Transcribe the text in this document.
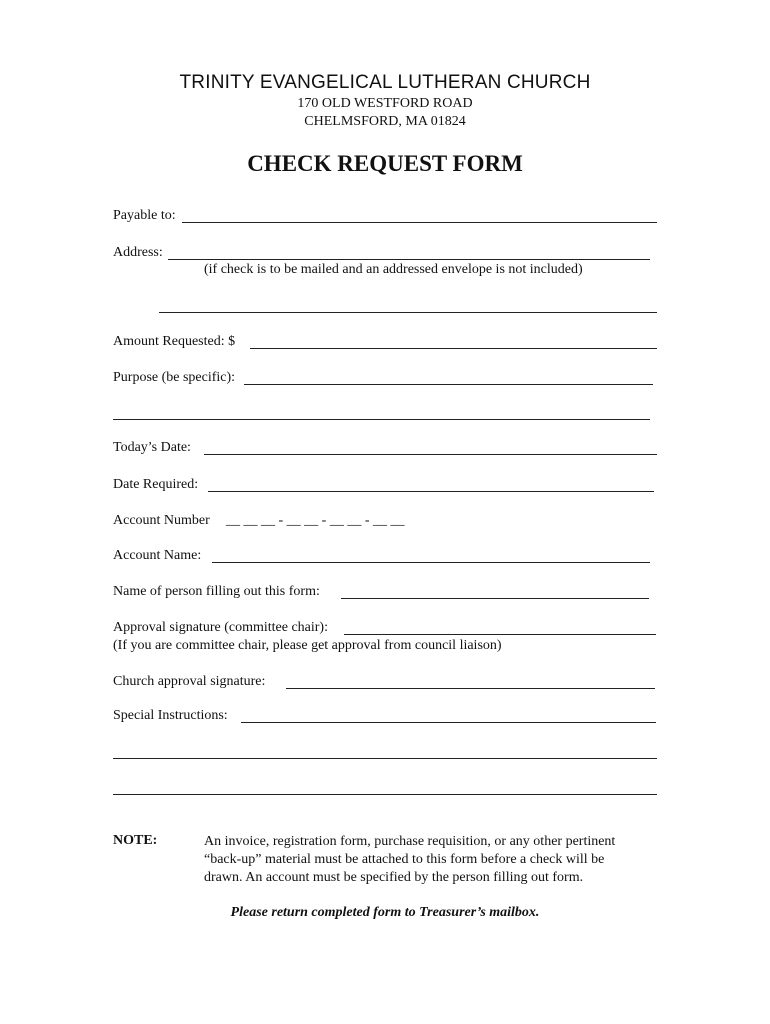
TRINITY EVANGELICAL LUTHERAN CHURCH
170 OLD WESTFORD ROAD
CHELMSFORD, MA 01824
CHECK REQUEST FORM
Payable to:
Address:
(if check is to be mailed and an addressed envelope is not included)
Amount Requested: $
Purpose (be specific):
Today’s Date:
Date Required:
Account Number __ __ __ - __ __ - __ __ - __ __
Account Name:
Name of person filling out this form:
Approval signature (committee chair):
(If you are committee chair, please get approval from council liaison)
Church approval signature:
Special Instructions:
NOTE:	An invoice, registration form, purchase requisition, or any other pertinent
“back-up” material must be attached to this form before a check will be
drawn. An account must be specified by the person filling out form.
Please return completed form to Treasurer’s mailbox.
